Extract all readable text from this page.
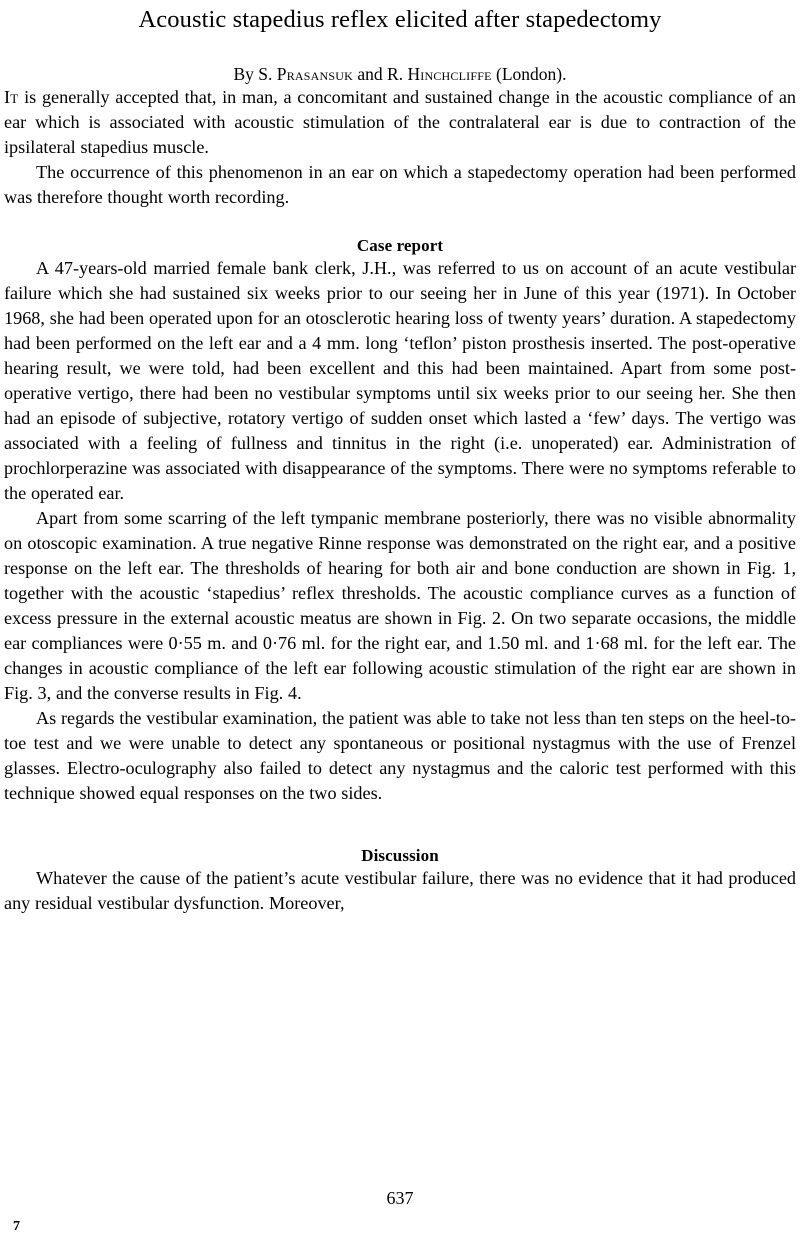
Acoustic stapedius reflex elicited after stapedectomy
By S. Prasansuk and R. Hinchcliffe (London).

It is generally accepted that, in man, a concomitant and sustained change in the acoustic compliance of an ear which is associated with acoustic stimulation of the contralateral ear is due to contraction of the ipsilateral stapedius muscle.

The occurrence of this phenomenon in an ear on which a stapedectomy operation had been performed was therefore thought worth recording.

Case report

A 47-years-old married female bank clerk, J.H., was referred to us on account of an acute vestibular failure which she had sustained six weeks prior to our seeing her in June of this year (1971). In October 1968, she had been operated upon for an otosclerotic hearing loss of twenty years’ duration. A stapedectomy had been performed on the left ear and a 4 mm. long ‘teflon’ piston prosthesis inserted. The post-operative hearing result, we were told, had been excellent and this had been maintained. Apart from some post-operative vertigo, there had been no vestibular symptoms until six weeks prior to our seeing her. She then had an episode of subjective, rotatory vertigo of sudden onset which lasted a ‘few’ days. The vertigo was associated with a feeling of fullness and tinnitus in the right (i.e. unoperated) ear. Administration of prochlorperazine was associated with disappearance of the symptoms. There were no symptoms referable to the operated ear.

Apart from some scarring of the left tympanic membrane posteriorly, there was no visible abnormality on otoscopic examination. A true negative Rinne response was demonstrated on the right ear, and a positive response on the left ear. The thresholds of hearing for both air and bone conduction are shown in Fig. 1, together with the acoustic ‘stapedius’ reflex thresholds. The acoustic compliance curves as a function of excess pressure in the external acoustic meatus are shown in Fig. 2. On two separate occasions, the middle ear compliances were 0·55 m. and 0·76 ml. for the right ear, and 1.50 ml. and 1·68 ml. for the left ear. The changes in acoustic compliance of the left ear following acoustic stimulation of the right ear are shown in Fig. 3, and the converse results in Fig. 4.

As regards the vestibular examination, the patient was able to take not less than ten steps on the heel-to-toe test and we were unable to detect any spontaneous or positional nystagmus with the use of Frenzel glasses. Electro-oculography also failed to detect any nystagmus and the caloric test performed with this technique showed equal responses on the two sides.

Discussion

Whatever the cause of the patient’s acute vestibular failure, there was no evidence that it had produced any residual vestibular dysfunction. Moreover,

637
7
